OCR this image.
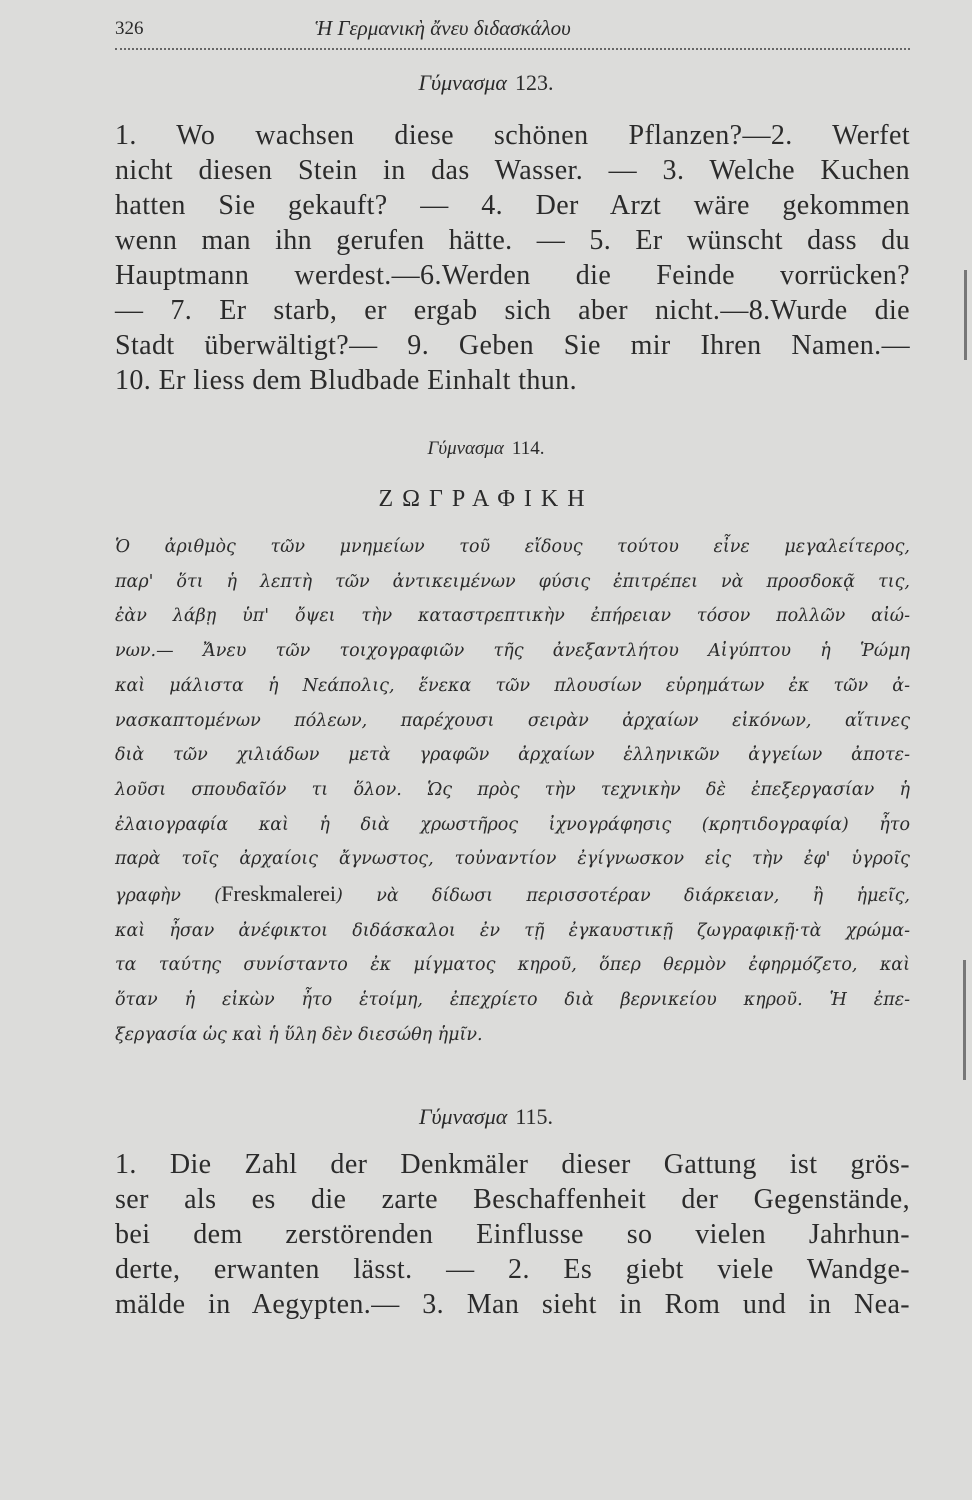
326	Ἡ Γερμανικὴ ἄνευ διδασκάλου
Γύμνασμα 123.
1. Wo wachsen diese schönen Pflanzen?—2. Werfet
nicht diesen Stein in das Wasser. — 3. Welche Kuchen
hatten Sie gekauft? — 4. Der Arzt wäre gekommen
wenn man ihn gerufen hätte. — 5. Er wünscht dass du
Hauptmann werdest.—6.Werden die Feinde vorrücken?
— 7. Er starb, er ergab sich aber nicht.—8.Wurde die
Stadt überwältigt?— 9. Geben Sie mir Ihren Namen.—
10. Er liess dem Bludbade Einhalt thun.
Γύμνασμα 114.
ΖΩΓΡΑΦΙΚΗ
Ὁ ἀριθμὸς τῶν μνημείων τοῦ εἴδους τούτου εἶνε μεγαλείτερος,
παρ' ὅτι ἡ λεπτὴ τῶν ἀντικειμένων φύσις ἐπιτρέπει νὰ προσδοκᾷ τις,
ἐὰν λάβῃ ὑπ' ὄψει τὴν καταστρεπτικὴν ἐπήρειαν τόσον πολλῶν αἰώ-
νων.— Ἄνευ τῶν τοιχογραφιῶν τῆς ἀνεξαντλήτου Αἰγύπτου ἡ Ῥώμη
καὶ μάλιστα ἡ Νεάπολις, ἕνεκα τῶν πλουσίων εὑρημάτων ἐκ τῶν ἀ-
νασκαπτομένων πόλεων, παρέχουσι σειρὰν ἀρχαίων εἰκόνων, αἵτινες
διὰ τῶν χιλιάδων μετὰ γραφῶν ἀρχαίων ἑλληνικῶν ἀγγείων ἀποτε-
λοῦσι σπουδαῖόν τι ὅλον. Ὡς πρὸς τὴν τεχνικὴν δὲ ἐπεξεργασίαν ἡ
ἐλαιογραφία καὶ ἡ διὰ χρωστῆρος ἰχνογράφησις (κρητιδογραφία) ἦτο
παρὰ τοῖς ἀρχαίοις ἄγνωστος, τοὐναντίον ἐγίγνωσκον εἰς τὴν ἐφ' ὑγροῖς
γραφὴν (Freskmalerei) νὰ δίδωσι περισσοτέραν διάρκειαν, ἢ ἡμεῖς,
καὶ ἦσαν ἀνέφικτοι διδάσκαλοι ἐν τῇ ἐγκαυστικῇ ζωγραφικῇ·τὰ χρώμα-
τα ταύτης συνίσταντο ἐκ μίγματος κηροῦ, ὅπερ θερμὸν ἐφηρμόζετο, καὶ
ὅταν ἡ εἰκὼν ἦτο ἑτοίμη, ἐπεχρίετο διὰ βερνικείου κηροῦ. Ἡ ἐπε-
ξεργασία ὡς καὶ ἡ ὕλη δὲν διεσώθη ἡμῖν.
Γύμνασμα 115.
1. Die Zahl der Denkmäler dieser Gattung ist grös-
ser als es die zarte Beschaffenheit der Gegenstände,
bei dem zerstörenden Einflusse so vielen Jahrhun-
derte, erwanten lässt. — 2. Es giebt viele Wandge-
mälde in Aegypten.— 3. Man sieht in Rom und in Nea-
